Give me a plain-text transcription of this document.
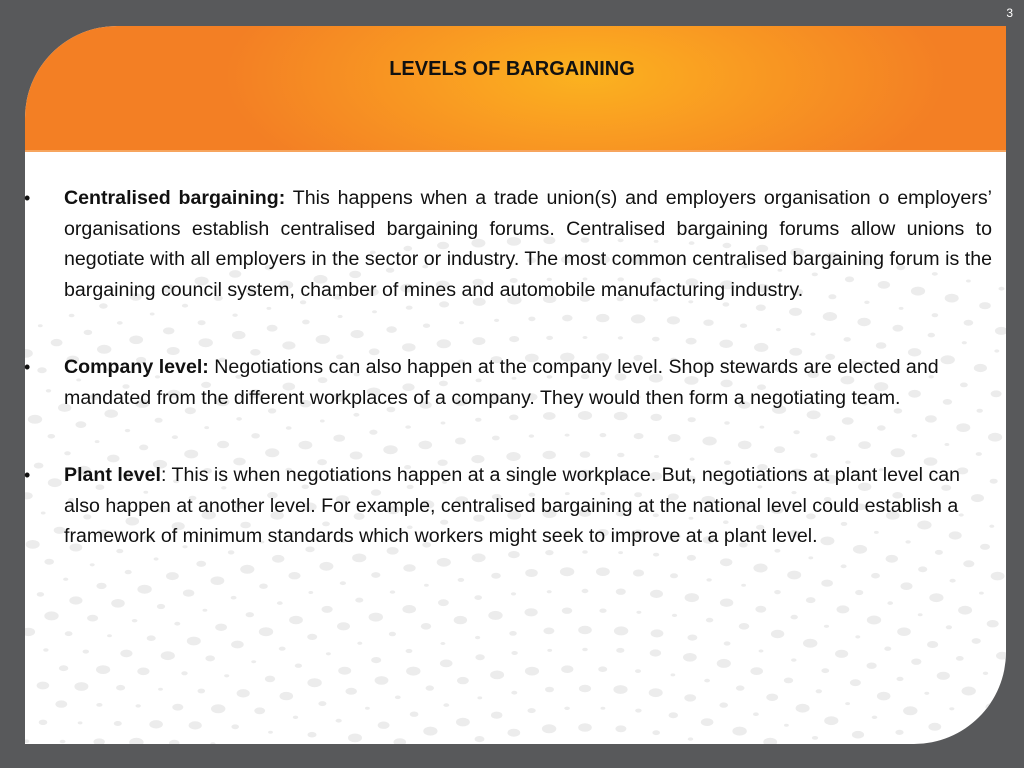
3
3
LEVELS OF BARGAINING
• Centralised bargaining: This happens when a trade union(s) and employers organisation o employers’ organisations establish centralised bargaining forums. Centralised bargaining forums allow unions to negotiate with all employers in the sector or industry. The most common centralised bargaining forum is the bargaining council system, chamber of mines and automobile manufacturing industry.
• Company level: Negotiations can also happen at the company level. Shop stewards are elected and mandated from the different workplaces of a company. They would then form a negotiating team.
• Plant level: This is when negotiations happen at a single workplace. But, negotiations at plant level can also happen at another level. For example, centralised bargaining at the national level could establish a framework of minimum standards which workers might seek to improve at a plant level.
